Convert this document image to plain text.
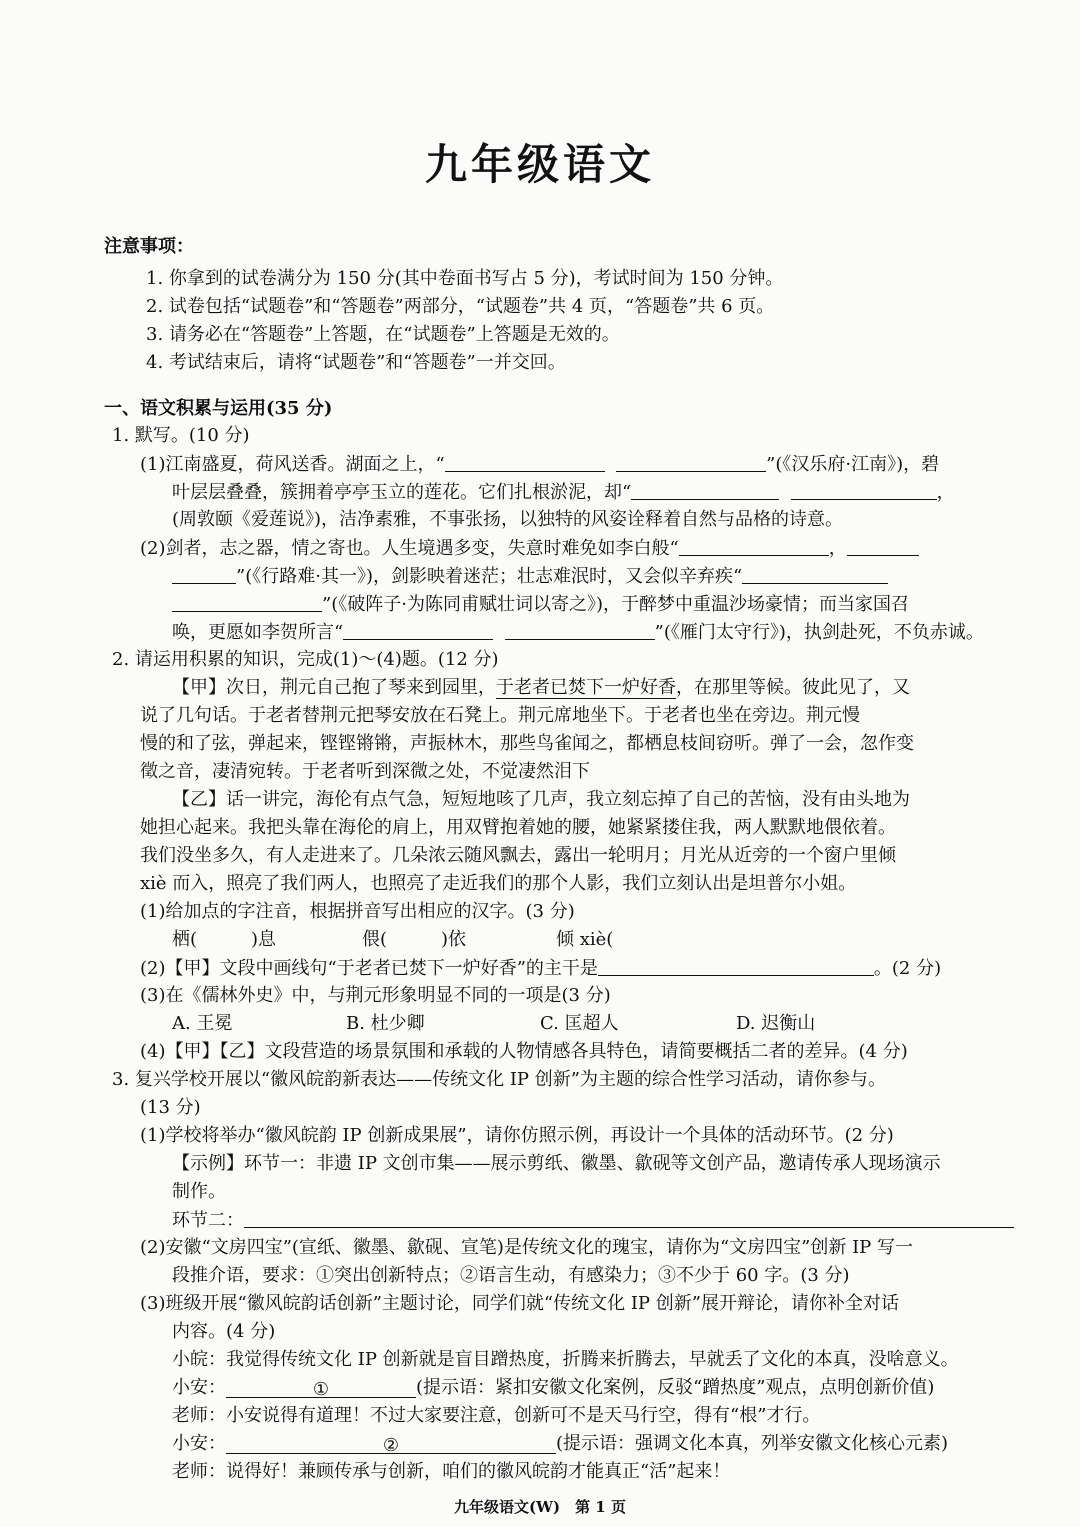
九年级语文
注意事项：
1. 你拿到的试卷满分为 150 分(其中卷面书写占 5 分)，考试时间为 150 分钟。
2. 试卷包括“试题卷”和“答题卷”两部分，“试题卷”共 4 页，“答题卷”共 6 页。
3. 请务必在“答题卷”上答题，在“试题卷”上答题是无效的。
4. 考试结束后，请将“试题卷”和“答题卷”一并交回。
一、语文积累与运用(35 分)
1. 默写。(10 分)
(1)江南盛夏，荷风送香。湖面之上，“	”(《汉乐府·江南》)，碧
叶层层叠叠，簇拥着亭亭玉立的莲花。它们扎根淤泥，却“	，
(周敦颐《爱莲说》)，洁净素雅，不事张扬，以独特的风姿诠释着自然与品格的诗意。
(2)剑者，志之器，情之寄也。人生境遇多变，失意时难免如李白般“	，
”(《行路难·其一》)，剑影映着迷茫；壮志难泯时，又会似辛弃疾“
”(《破阵子·为陈同甫赋壮词以寄之》)，于醉梦中重温沙场豪情；而当家国召
唤，更愿如李贺所言“	”(《雁门太守行》)，执剑赴死，不负赤诚。
2. 请运用积累的知识，完成(1)～(4)题。(12 分)
【甲】次日，荆元自己抱了琴来到园里，于老者已焚下一炉好香，在那里等候。彼此见了，又
说了几句话。于老者替荆元把琴安放在石凳上。荆元席地坐下。于老者也坐在旁边。荆元慢
慢的和了弦，弹起来，铿铿锵锵，声振林木，那些鸟雀闻之，都栖息枝间窃听。弹了一会，忽作变
徵之音，凄清宛转。于老者听到深微之处，不觉凄然泪下
【乙】话一讲完，海伦有点气急，短短地咳了几声，我立刻忘掉了自己的苦恼，没有由头地为
她担心起来。我把头靠在海伦的肩上，用双臂抱着她的腰，她紧紧搂住我，两人默默地偎依着。
我们没坐多久，有人走进来了。几朵浓云随风飘去，露出一轮明月；月光从近旁的一个窗户里倾
xiè 而入，照亮了我们两人，也照亮了走近我们的那个人影，我们立刻认出是坦普尔小姐。
(1)给加点的字注音，根据拼音写出相应的汉字。(3 分)
栖(　　　)息	偎(　　　)依	倾 xiè(
(2)【甲】文段中画线句“于老者已焚下一炉好香”的主干是	。(2 分)
(3)在《儒林外史》中，与荆元形象明显不同的一项是(3 分)
A. 王冕	B. 杜少卿	C. 匡超人	D. 迟衡山
(4)【甲】【乙】文段营造的场景氛围和承载的人物情感各具特色，请简要概括二者的差异。(4 分)
3. 复兴学校开展以“徽风皖韵新表达——传统文化 IP 创新”为主题的综合性学习活动，请你参与。
(13 分)
(1)学校将举办“徽风皖韵 IP 创新成果展”，请你仿照示例，再设计一个具体的活动环节。(2 分)
【示例】环节一：非遗 IP 文创市集——展示剪纸、徽墨、歙砚等文创产品，邀请传承人现场演示
制作。
环节二：
(2)安徽“文房四宝”(宣纸、徽墨、歙砚、宣笔)是传统文化的瑰宝，请你为“文房四宝”创新 IP 写一
段推介语，要求：①突出创新特点；②语言生动，有感染力；③不少于 60 字。(3 分)
(3)班级开展“徽风皖韵话创新”主题讨论，同学们就“传统文化 IP 创新”展开辩论，请你补全对话
内容。(4 分)
小皖：我觉得传统文化 IP 创新就是盲目蹭热度，折腾来折腾去，早就丢了文化的本真，没啥意义。
小安：	①	(提示语：紧扣安徽文化案例，反驳“蹭热度”观点，点明创新价值)
老师：小安说得有道理！不过大家要注意，创新可不是天马行空，得有“根”才行。
小安：	②	(提示语：强调文化本真，列举安徽文化核心元素)
老师：说得好！兼顾传承与创新，咱们的徽风皖韵才能真正“活”起来！
九年级语文(W)　第 1 页
